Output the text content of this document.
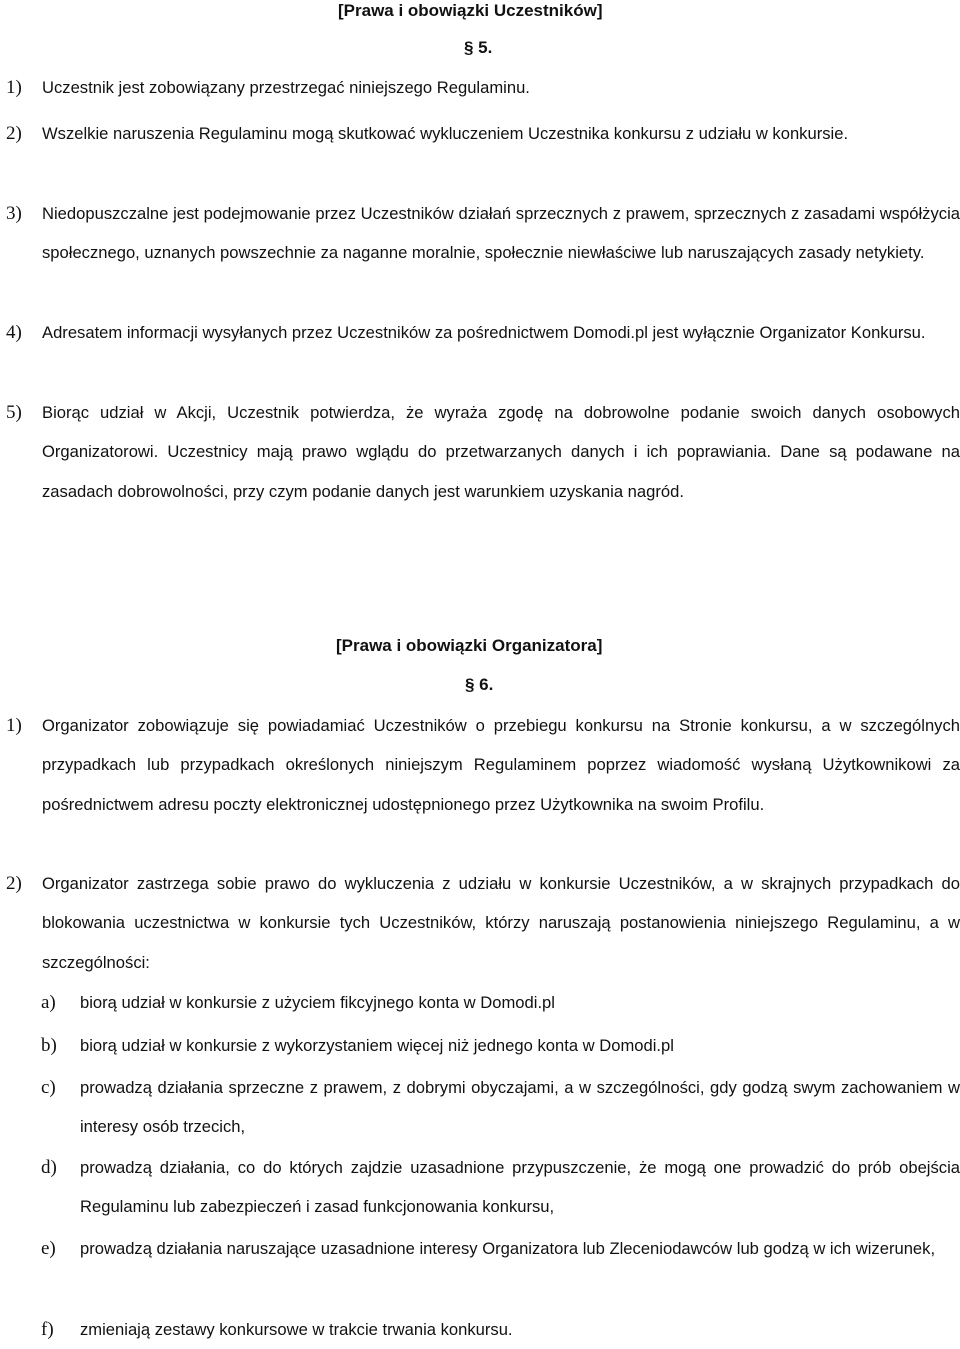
[Prawa i obowiązki Uczestników]
§ 5.
1) Uczestnik jest zobowiązany przestrzegać niniejszego Regulaminu.
2) Wszelkie naruszenia Regulaminu mogą skutkować wykluczeniem Uczestnika konkursu z udziału w konkursie.
3) Niedopuszczalne jest podejmowanie przez Uczestników działań sprzecznych z prawem, sprzecznych z zasadami współżycia społecznego, uznanych powszechnie za naganne moralnie, społecznie niewłaściwe lub naruszających zasady netykiety.
4) Adresatem informacji wysyłanych przez Uczestników za pośrednictwem Domodi.pl jest wyłącznie Organizator Konkursu.
5) Biorąc udział w Akcji, Uczestnik potwierdza, że wyraża zgodę na dobrowolne podanie swoich danych osobowych Organizatorowi. Uczestnicy mają prawo wglądu do przetwarzanych danych i ich poprawiania. Dane są podawane na zasadach dobrowolności, przy czym podanie danych jest warunkiem uzyskania nagród.
[Prawa i obowiązki Organizatora]
§ 6.
1) Organizator zobowiązuje się powiadamiać Uczestników o przebiegu konkursu na Stronie konkursu, a w szczególnych przypadkach lub przypadkach określonych niniejszym Regulaminem poprzez wiadomość wysłaną Użytkownikowi za pośrednictwem adresu poczty elektronicznej udostępnionego przez Użytkownika na swoim Profilu.
2) Organizator zastrzega sobie prawo do wykluczenia z udziału w konkursie Uczestników, a w skrajnych przypadkach do blokowania uczestnictwa w konkursie tych Uczestników, którzy naruszają postanowienia niniejszego Regulaminu, a w szczególności:
a) biorą udział w konkursie z użyciem fikcyjnego konta w Domodi.pl
b) biorą udział w konkursie z wykorzystaniem więcej niż jednego konta w Domodi.pl
c) prowadzą działania sprzeczne z prawem, z dobrymi obyczajami, a w szczególności, gdy godzą swym zachowaniem w interesy osób trzecich,
d) prowadzą działania, co do których zajdzie uzasadnione przypuszczenie, że mogą one prowadzić do prób obejścia Regulaminu lub zabezpieczeń i zasad funkcjonowania konkursu,
e) prowadzą działania naruszające uzasadnione interesy Organizatora lub Zleceniodawców lub godzą w ich wizerunek,
f) zmieniają zestawy konkursowe w trakcie trwania konkursu.
